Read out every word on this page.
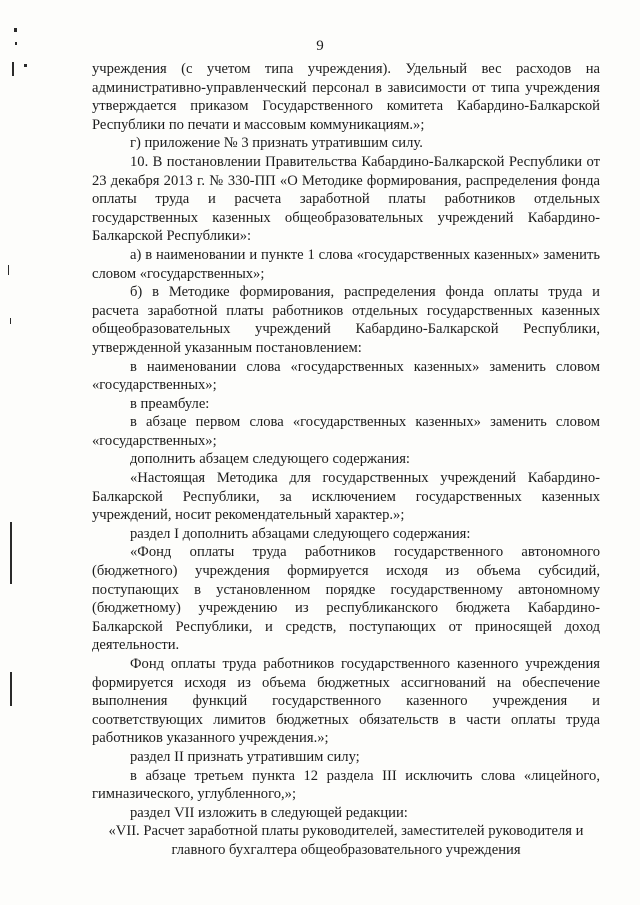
9

учреждения (с учетом типа учреждения). Удельный вес расходов на административно-управленческий персонал в зависимости от типа учреждения утверждается приказом Государственного комитета Кабардино-Балкарской Республики по печати и массовым коммуникациям.»;

г) приложение № 3 признать утратившим силу.

10. В постановлении Правительства Кабардино-Балкарской Республики от 23 декабря 2013 г. № 330-ПП «О Методике формирования, распределения фонда оплаты труда и расчета заработной платы работников отдельных государственных казенных общеобразовательных учреждений Кабардино-Балкарской Республики»:

а) в наименовании и пункте 1 слова «государственных казенных» заменить словом «государственных»;

б) в Методике формирования, распределения фонда оплаты труда и расчета заработной платы работников отдельных государственных казенных общеобразовательных учреждений Кабардино-Балкарской Республики, утвержденной указанным постановлением:

в наименовании слова «государственных казенных» заменить словом «государственных»;

в преамбуле:

в абзаце первом слова «государственных казенных» заменить словом «государственных»;

дополнить абзацем следующего содержания:

«Настоящая Методика для государственных учреждений Кабардино-Балкарской Республики, за исключением государственных казенных учреждений, носит рекомендательный характер.»;

раздел I дополнить абзацами следующего содержания:

«Фонд оплаты труда работников государственного автономного (бюджетного) учреждения формируется исходя из объема субсидий, поступающих в установленном порядке государственному автономному (бюджетному) учреждению из республиканского бюджета Кабардино-Балкарской Республики, и средств, поступающих от приносящей доход деятельности.

Фонд оплаты труда работников государственного казенного учреждения формируется исходя из объема бюджетных ассигнований на обеспечение выполнения функций государственного казенного учреждения и соответствующих лимитов бюджетных обязательств в части оплаты труда работников указанного учреждения.»;

раздел II признать утратившим силу;

в абзаце третьем пункта 12 раздела III исключить слова «лицейного, гимназического, углубленного,»;

раздел VII изложить в следующей редакции:

«VII. Расчет заработной платы руководителей, заместителей руководителя и главного бухгалтера общеобразовательного учреждения
